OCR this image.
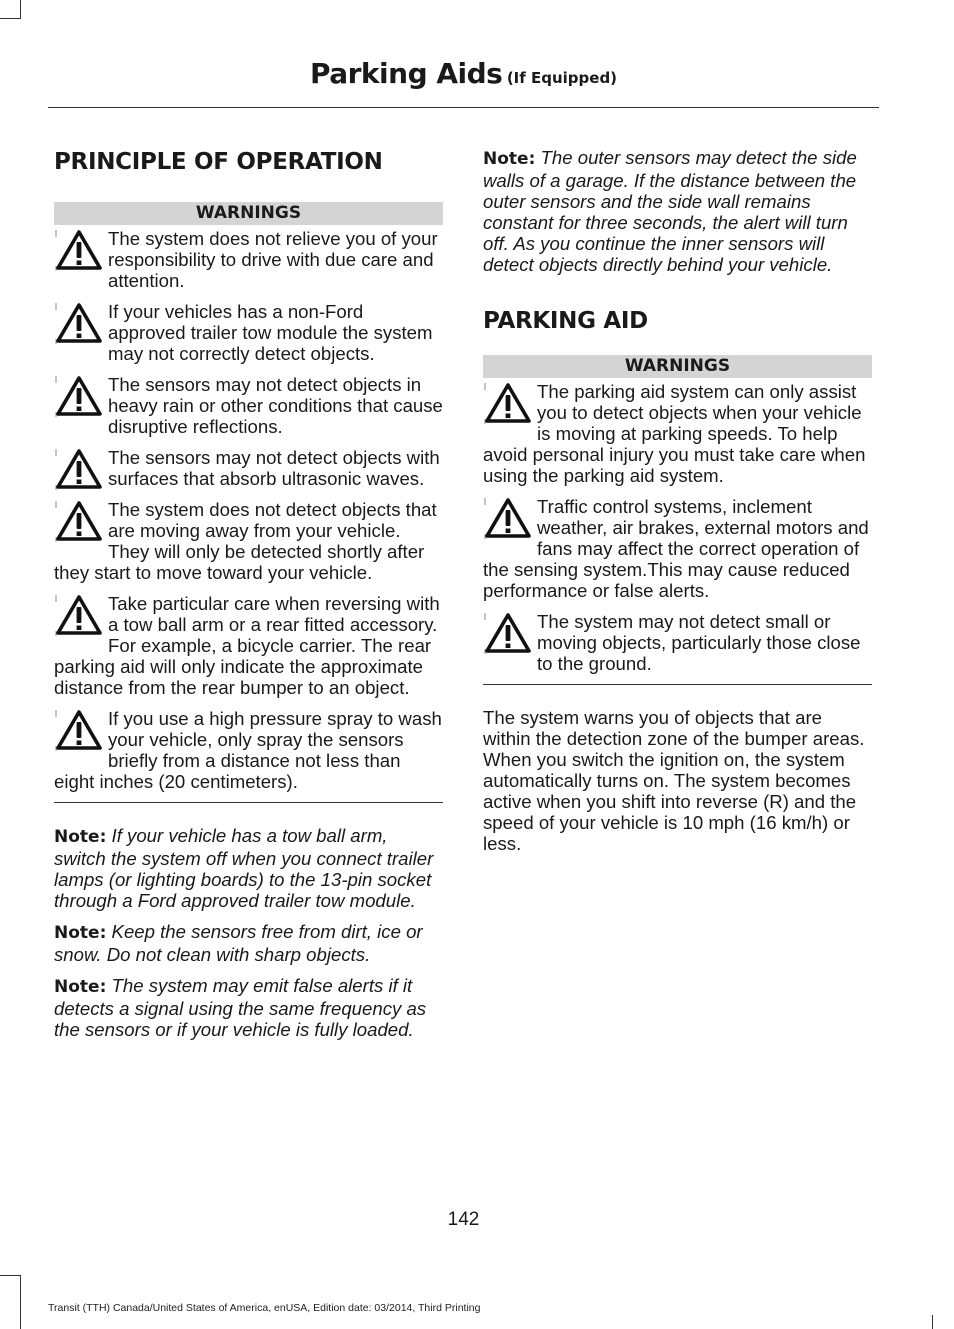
Parking Aids (If Equipped)
PRINCIPLE OF OPERATION
WARNINGS
The system does not relieve you of your responsibility to drive with due care and attention.
If your vehicles has a non-Ford approved trailer tow module the system may not correctly detect objects.
The sensors may not detect objects in heavy rain or other conditions that cause disruptive reflections.
The sensors may not detect objects with surfaces that absorb ultrasonic waves.
The system does not detect objects that are moving away from your vehicle. They will only be detected shortly after they start to move toward your vehicle.
Take particular care when reversing with a tow ball arm or a rear fitted accessory. For example, a bicycle carrier. The rear parking aid will only indicate the approximate distance from the rear bumper to an object.
If you use a high pressure spray to wash your vehicle, only spray the sensors briefly from a distance not less than eight inches (20 centimeters).

Note: If your vehicle has a tow ball arm, switch the system off when you connect trailer lamps (or lighting boards) to the 13-pin socket through a Ford approved trailer tow module.

Note: Keep the sensors free from dirt, ice or snow. Do not clean with sharp objects.

Note: The system may emit false alerts if it detects a signal using the same frequency as the sensors or if your vehicle is fully loaded.

Note: The outer sensors may detect the side walls of a garage. If the distance between the outer sensors and the side wall remains constant for three seconds, the alert will turn off. As you continue the inner sensors will detect objects directly behind your vehicle.

PARKING AID
WARNINGS
The parking aid system can only assist you to detect objects when your vehicle is moving at parking speeds. To help avoid personal injury you must take care when using the parking aid system.
Traffic control systems, inclement weather, air brakes, external motors and fans may affect the correct operation of the sensing system.This may cause reduced performance or false alerts.
The system may not detect small or moving objects, particularly those close to the ground.

The system warns you of objects that are within the detection zone of the bumper areas. When you switch the ignition on, the system automatically turns on. The system becomes active when you shift into reverse (R) and the speed of your vehicle is 10 mph (16 km/h) or less.

142
Transit (TTH) Canada/United States of America, enUSA, Edition date: 03/2014, Third Printing
